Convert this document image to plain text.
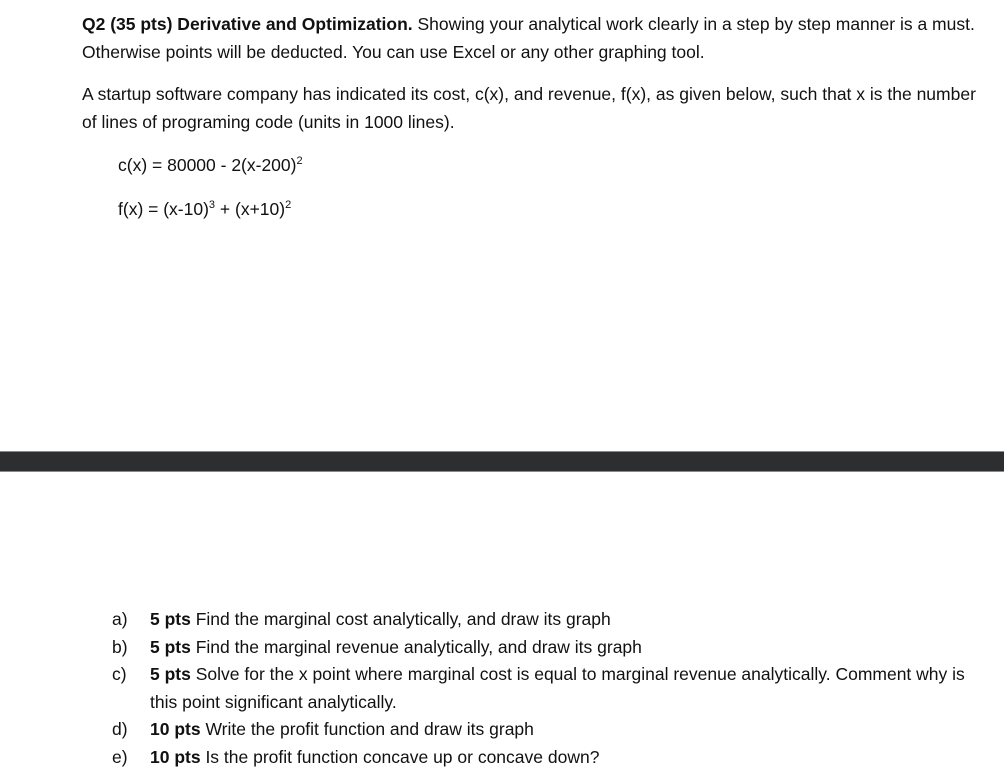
Q2 (35 pts) Derivative and Optimization. Showing your analytical work clearly in a step by step manner is a must. Otherwise points will be deducted. You can use Excel or any other graphing tool.

A startup software company has indicated its cost, c(x), and revenue, f(x), as given below, such that x is the number of lines of programing code (units in 1000 lines).

$c(x) = 80000 - 2(x-200)^2$

$f(x) = (x-10)^3 + (x+10)^2$

a) 5 pts Find the marginal cost analytically, and draw its graph
b) 5 pts Find the marginal revenue analytically, and draw its graph
c) 5 pts Solve for the x point where marginal cost is equal to marginal revenue analytically. Comment why is this point significant analytically.
d) 10 pts Write the profit function and draw its graph
e) 10 pts Is the profit function concave up or concave down?
